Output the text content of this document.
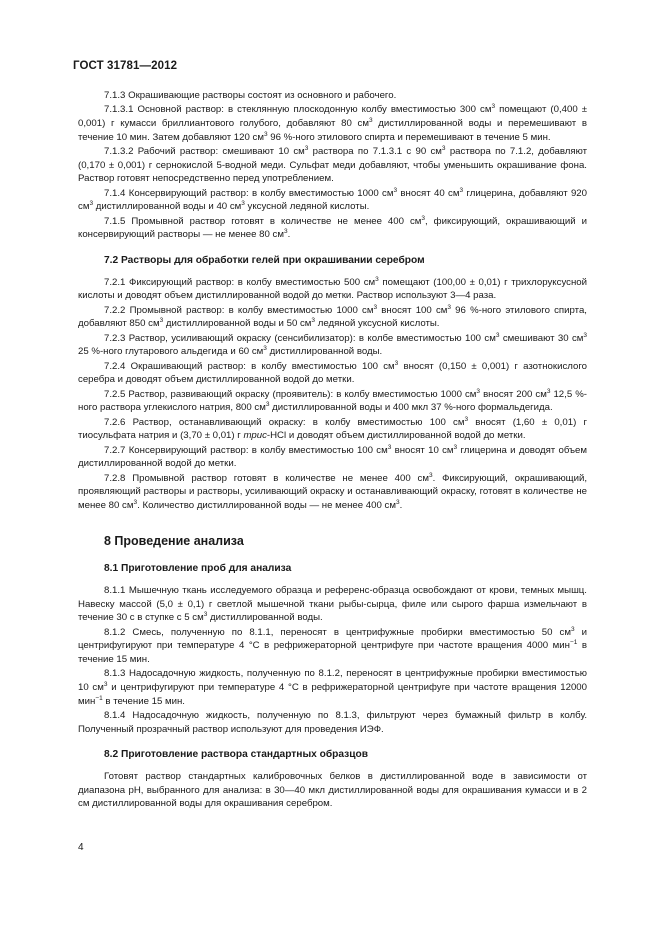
ГОСТ 31781—2012

7.1.3 Окрашивающие растворы состоят из основного и рабочего.

7.1.3.1 Основной раствор: в стеклянную плоскодонную колбу вместимостью 300 $см^3$ помещают (0,400 ± 0,001) г кумасси бриллиантового голубого, добавляют 80 $см^3$ дистиллированной воды и перемешивают в течение 10 мин. Затем добавляют 120 $см^3$ 96 %-ного этилового спирта и перемешивают в течение 5 мин.

7.1.3.2 Рабочий раствор: смешивают 10 $см^3$ раствора по 7.1.3.1 с 90 $см^3$ раствора по 7.1.2, добавляют (0,170 ± 0,001) г сернокислой 5-водной меди. Сульфат меди добавляют, чтобы уменьшить окрашивание фона. Раствор готовят непосредственно перед употреблением.

7.1.4 Консервирующий раствор: в колбу вместимостью 1000 $см^3$ вносят 40 $см^3$ глицерина, добавляют 920 $см^3$ дистиллированной воды и 40 $см^3$ уксусной ледяной кислоты.

7.1.5 Промывной раствор готовят в количестве не менее 400 $см^3$, фиксирующий, окрашивающий и консервирующий растворы — не менее 80 $см^3$.

7.2 Растворы для обработки гелей при окрашивании серебром

7.2.1 Фиксирующий раствор: в колбу вместимостью 500 $см^3$ помещают (100,00 ± 0,01) г трихлоруксусной кислоты и доводят объем дистиллированной водой до метки. Раствор используют 3—4 раза.

7.2.2 Промывной раствор: в колбу вместимостью 1000 $см^3$ вносят 100 $см^3$ 96 %-ного этилового спирта, добавляют 850 $см^3$ дистиллированной воды и 50 $см^3$ ледяной уксусной кислоты.

7.2.3 Раствор, усиливающий окраску (сенсибилизатор): в колбе вместимостью 100 $см^3$ смешивают 30 $см^3$ 25 %-ного глутарового альдегида и 60 $см^3$ дистиллированной воды.

7.2.4 Окрашивающий раствор: в колбу вместимостью 100 $см^3$ вносят (0,150 ± 0,001) г азотнокислого серебра и доводят объем дистиллированной водой до метки.

7.2.5 Раствор, развивающий окраску (проявитель): в колбу вместимостью 1000 $см^3$ вносят 200 $см^3$ 12,5 %-ного раствора углекислого натрия, 800 $см^3$ дистиллированной воды и 400 мкл 37 %-ного формальдегида.

7.2.6 Раствор, останавливающий окраску: в колбу вместимостью 100 $см^3$ вносят (1,60 ± 0,01) г тиосульфата натрия и (3,70 ± 0,01) г трис-HCl и доводят объем дистиллированной водой до метки.

7.2.7 Консервирующий раствор: в колбу вместимостью 100 $см^3$ вносят 10 $см^3$ глицерина и доводят объем дистиллированной водой до метки.

7.2.8 Промывной раствор готовят в количестве не менее 400 $см^3$. Фиксирующий, окрашивающий, проявляющий растворы и растворы, усиливающий окраску и останавливающий окраску, готовят в количестве не менее 80 $см^3$. Количество дистиллированной воды — не менее 400 $см^3$.

8 Проведение анализа
8.1 Приготовление проб для анализа

8.1.1 Мышечную ткань исследуемого образца и референс-образца освобождают от крови, темных мышц. Навеску массой (5,0 ± 0,1) г светлой мышечной ткани рыбы-сырца, филе или сырого фарша измельчают в течение 30 с в ступке с 5 $см^3$ дистиллированной воды.

8.1.2 Смесь, полученную по 8.1.1, переносят в центрифужные пробирки вместимостью 50 $см^3$ и центрифугируют при температуре 4 °С в рефрижераторной центрифуге при частоте вращения 4000 мин$^{-1}$ в течение 15 мин.

8.1.3 Надосадочную жидкость, полученную по 8.1.2, переносят в центрифужные пробирки вместимостью 10 $см^3$ и центрифугируют при температуре 4 °С в рефрижераторной центрифуге при частоте вращения 12000 мин$^{-1}$ в течение 15 мин.

8.1.4 Надосадочную жидкость, полученную по 8.1.3, фильтруют через бумажный фильтр в колбу. Полученный прозрачный раствор используют для проведения ИЭФ.

8.2 Приготовление раствора стандартных образцов

Готовят раствор стандартных калибровочных белков в дистиллированной воде в зависимости от диапазона pH, выбранного для анализа: в 30—40 мкл дистиллированной воды для окрашивания кумасси и в 2 см дистиллированной воды для окрашивания серебром.

4
